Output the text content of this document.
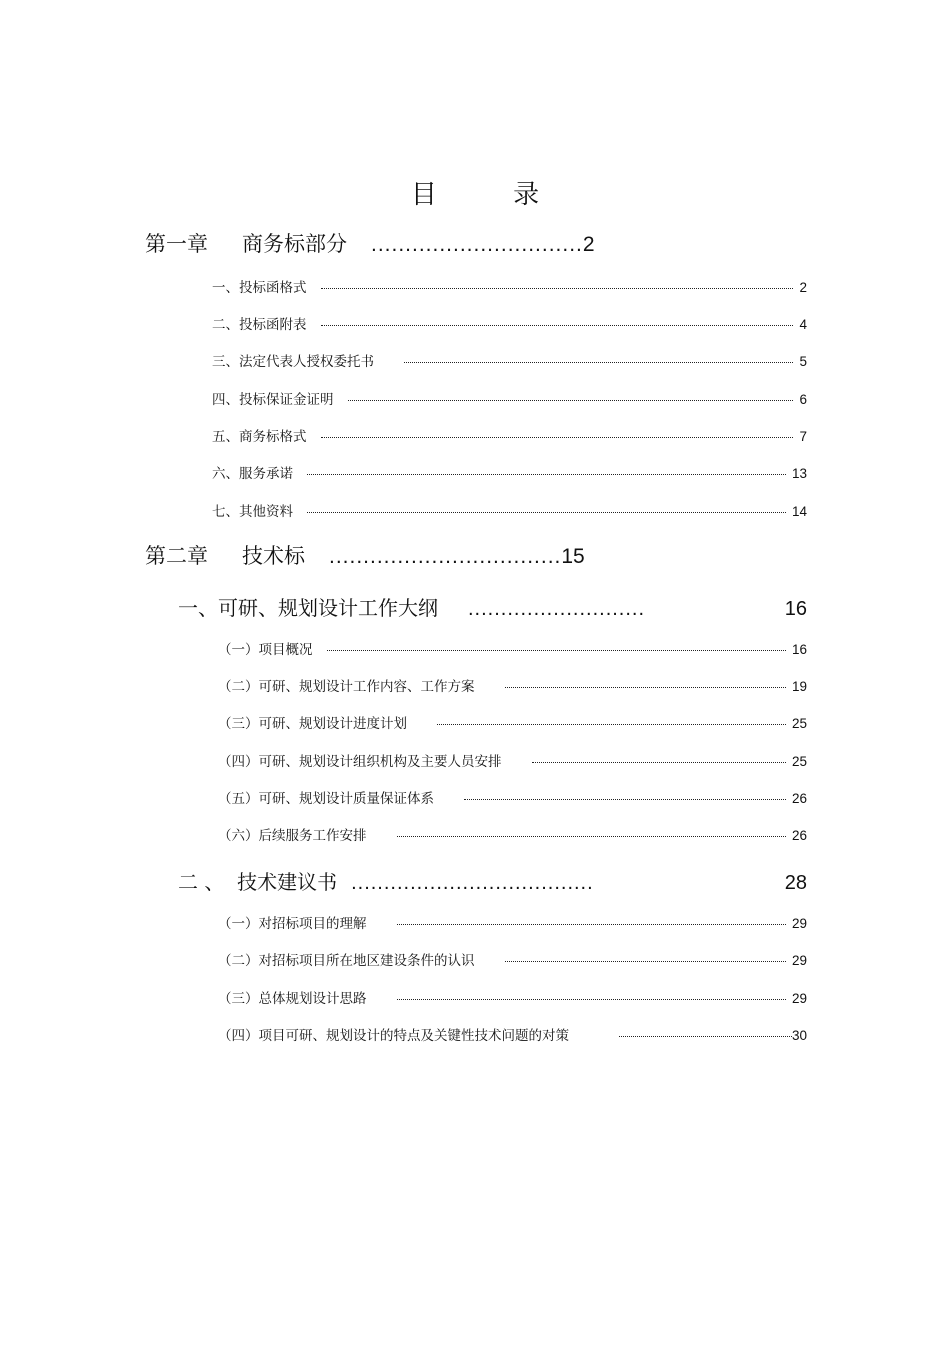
目 录
第一章 商务标部分 ............................... 2
一、投标函格式	2
二、投标函附表	4
三、法定代表人授权委托书	5
四、投标保证金证明	6
五、商务标格式	7
六、服务承诺	13
七、其他资料	14
第二章 技术标 .................................. 15
一、可研、规划设计工作大纲 ...........................	16
（一）项目概况	16
（二）可研、规划设计工作内容、工作方案	19
（三）可研、规划设计进度计划	25
（四）可研、规划设计组织机构及主要人员安排	25
（五）可研、规划设计质量保证体系	26
（六）后续服务工作安排	26
二 、  技术建议书 .....................................	28
（一）对招标项目的理解	29
（二）对招标项目所在地区建设条件的认识	29
（三）总体规划设计思路	29
（四）项目可研、规划设计的特点及关键性技术问题的对策	30
